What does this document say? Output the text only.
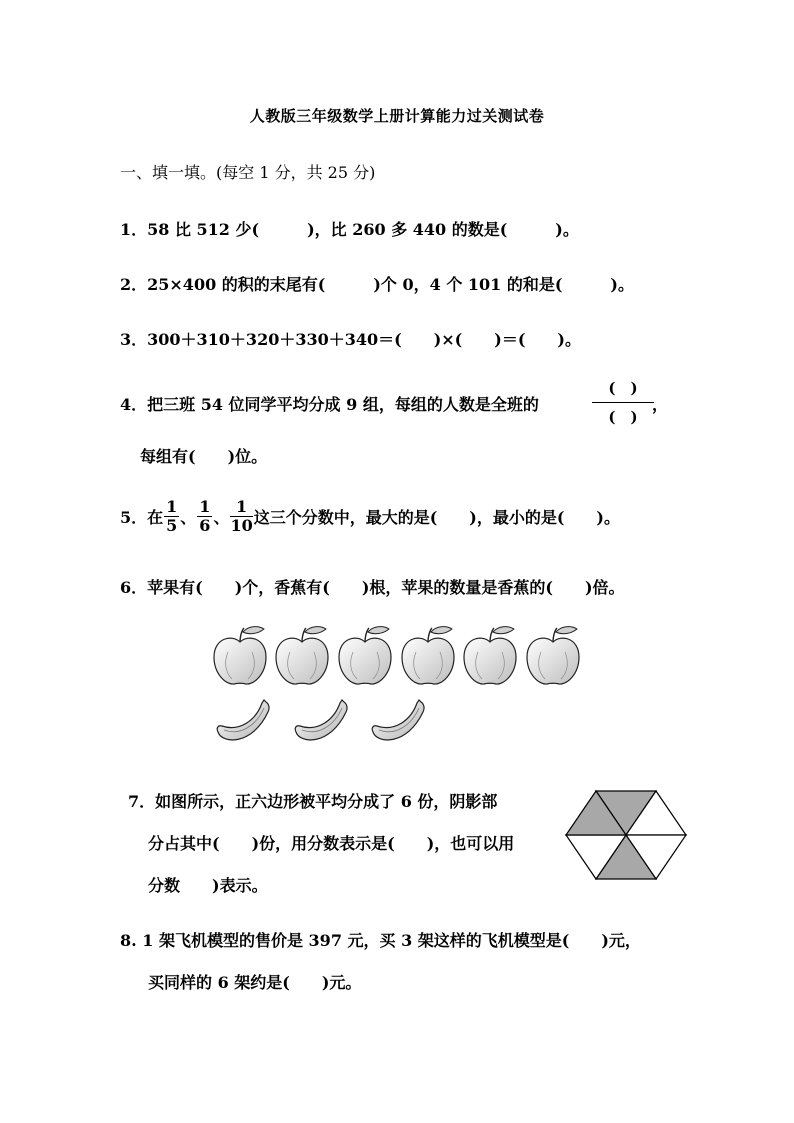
人教版三年级数学上册计算能力过关测试卷
一、填一填。(每空 1 分，共 25 分)
1．58 比 512 少(　　　)，比 260 多 440 的数是(　　　)。
2．25×400 的积的末尾有(　　　)个 0，4 个 101 的和是(　　　)。
3．300＋310＋320＋330＋340＝(　　)×(　　)＝(　　)。
4．把三班 54 位同学平均分成 9 组，每组的人数是全班的
(　)
(　)
，
每组有(　　)位。
5．在 $\frac{1}{5}$ 、 $\frac{1}{6}$ 、 $\frac{1}{10}$ 这三个分数中，最大的是(　　)，最小的是(　　)。
6．苹果有(　　)个，香蕉有(　　)根，苹果的数量是香蕉的(　　)倍。
7．如图所示，正六边形被平均分成了 6 份，阴影部
分占其中(　　)份，用分数表示是(　　)，也可以用
分数　　)表示。
8. 1 架飞机模型的售价是 397 元，买 3 架这样的飞机模型是(　　)元，
买同样的 6 架约是(　　)元。
